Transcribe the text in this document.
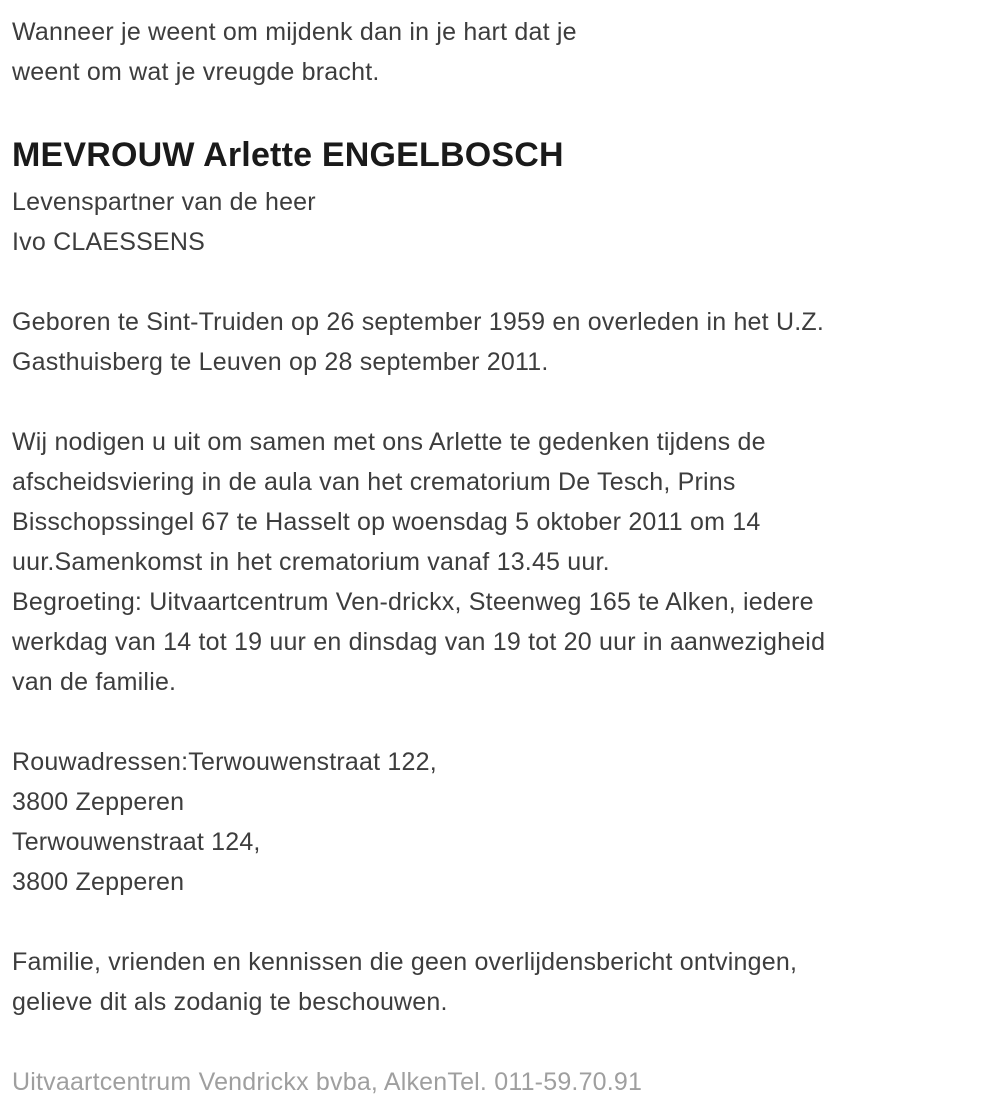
Wanneer je weent om mijdenk dan in je hart dat je
weent om wat je vreugde bracht.
MEVROUW Arlette ENGELBOSCH
Levenspartner van de heer
Ivo CLAESSENS
Geboren te Sint-Truiden op 26 september 1959 en overleden in het U.Z.
Gasthuisberg te Leuven op 28 september 2011.
Wij nodigen u uit om samen met ons Arlette te gedenken tijdens de
afscheidsviering in de aula van het crematorium De Tesch, Prins
Bisschopssingel 67 te Hasselt op woensdag 5 oktober 2011 om 14
uur.Samenkomst in het crematorium vanaf 13.45 uur.
Begroeting: Uitvaartcentrum Ven-drickx, Steenweg 165 te Alken, iedere
werkdag van 14 tot 19 uur en dinsdag van 19 tot 20 uur in aanwezigheid
van de familie.
Rouwadressen:Terwouwenstraat 122,
3800 Zepperen
Terwouwenstraat 124,
3800 Zepperen
Familie, vrienden en kennissen die geen overlijdensbericht ontvingen,
gelieve dit als zodanig te beschouwen.
Uitvaartcentrum Vendrickx bvba, AlkenTel. 011-59.70.91
